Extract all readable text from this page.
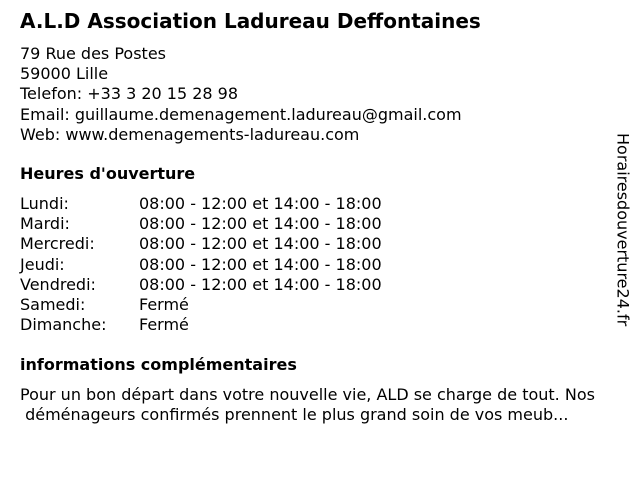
A.L.D Association Ladureau Deffontaines
79 Rue des Postes
59000 Lille
Telefon: +33 3 20 15 28 98
Email: guillaume.demenagement.ladureau@gmail.com
Web: www.demenagements-ladureau.com
Heures d'ouverture
Lundi:	08:00 - 12:00 et 14:00 - 18:00
Mardi:	08:00 - 12:00 et 14:00 - 18:00
Mercredi:	08:00 - 12:00 et 14:00 - 18:00
Jeudi:	08:00 - 12:00 et 14:00 - 18:00
Vendredi:	08:00 - 12:00 et 14:00 - 18:00
Samedi:	Fermé
Dimanche: Fermé
informations complémentaires
Pour un bon départ dans votre nouvelle vie, ALD se charge de tout. Nos
déménageurs confirmés prennent le plus grand soin de vos meub...
Horairesdouverture24.fr
